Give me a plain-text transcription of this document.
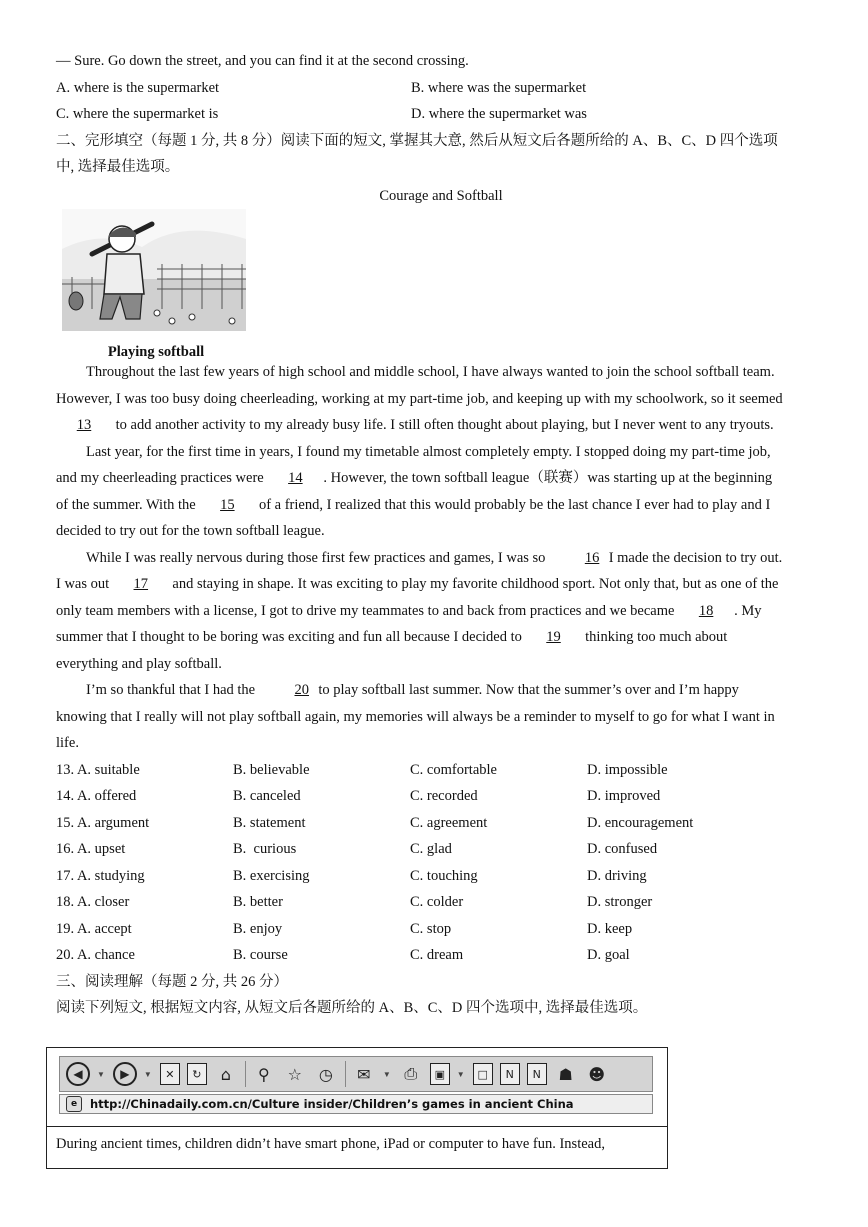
— Sure. Go down the street, and you can find it at the second crossing.
A. where is the supermarket	B. where was the supermarket
C. where the supermarket is	D. where the supermarket was
二、完形填空（每题 1 分, 共 8 分）阅读下面的短文, 掌握其大意, 然后从短文后各题所给的 A、B、C、D 四个选项
中, 选择最佳选项。
Courage and Softball
Playing softball
Throughout the last few years of high school and middle school, I have always wanted to join the school softball team.
However, I was too busy doing cheerleading, working at my part-time job, and keeping up with my schoolwork, so it seemed
13 to add another activity to my already busy life. I still often thought about playing, but I never went to any tryouts.
Last year, for the first time in years, I found my timetable almost completely empty. I stopped doing my part-time job,
and my cheerleading practices were 14 . However, the town softball league（联赛）was starting up at the beginning
of the summer. With the 15 of a friend, I realized that this would probably be the last chance I ever had to play and I
decided to try out for the town softball league.
While I was really nervous during those first few practices and games, I was so 16 I made the decision to try out.
I was out 17 and staying in shape. It was exciting to play my favorite childhood sport. Not only that, but as one of the
only team members with a license, I got to drive my teammates to and back from practices and we became 18 . My
summer that I thought to be boring was exciting and fun all because I decided to 19 thinking too much about
everything and play softball.
I’m so thankful that I had the 20 to play softball last summer. Now that the summer’s over and I’m happy
knowing that I really will not play softball again, my memories will always be a reminder to myself to go for what I want in
life.
13. A. suitable	B. believable	C. comfortable	D. impossible
14. A. offered	B. canceled	C. recorded	D. improved
15. A. argument	B. statement	C. agreement	D. encouragement
16. A. upset	B.  curious	C. glad	D. confused
17. A. studying	B. exercising	C. touching	D. driving
18. A. closer	B. better	C. colder	D. stronger
19. A. accept	B. enjoy	C. stop	D. keep
20. A. chance	B. course	C. dream	D. goal
三、阅读理解（每题 2 分, 共 26 分）
阅读下列短文, 根据短文内容, 从短文后各题所给的 A、B、C、D 四个选项中, 选择最佳选项。
◀	▼	▶	▼	✕	↻	⌂	⚲	☆	◷	✉	▼ ⎙	▣	▼	□	N	N	☗ ☻
e	http://Chinadaily.com.cn/Culture insider/Children’s games in ancient China
During ancient times, children didn’t have smart phone, iPad or computer to have fun. Instead,
